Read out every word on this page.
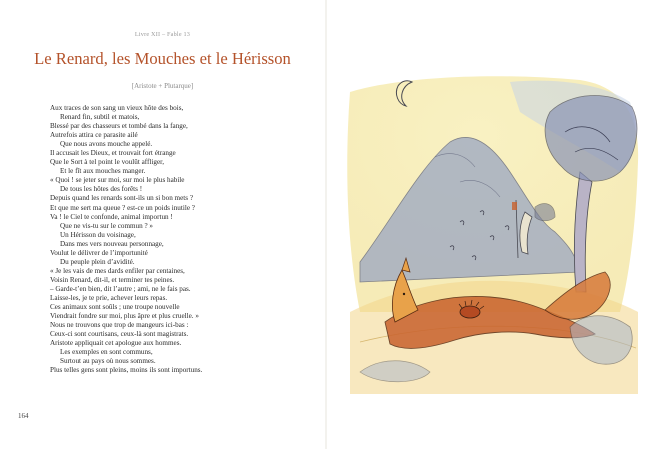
Livre XII – Fable 13
Le Renard, les Mouches et le Hérisson
[Aristote + Plutarque]
Aux traces de son sang un vieux hôte des bois,
Renard fin, subtil et matois,
Blessé par des chasseurs et tombé dans la fange,
Autrefois attira ce parasite ailé
Que nous avons mouche appelé.
Il accusait les Dieux, et trouvait fort étrange
Que le Sort à tel point le voulût affliger,
Et le fît aux mouches manger.
« Quoi ! se jeter sur moi, sur moi le plus habile
De tous les hôtes des forêts !
Depuis quand les renards sont-ils un si bon mets ?
Et que me sert ma queue ? est-ce un poids inutile ?
Va ! le Ciel te confonde, animal importun !
Que ne vis-tu sur le commun ? »
Un Hérisson du voisinage,
Dans mes vers nouveau personnage,
Voulut le délivrer de l’importunité
Du peuple plein d’avidité.
« Je les vais de mes dards enfiler par centaines,
Voisin Renard, dit-il, et terminer tes peines.
– Garde-t’en bien, dit l’autre ; ami, ne le fais pas.
Laisse-les, je te prie, achever leurs repas.
Ces animaux sont soûls ; une troupe nouvelle
Viendrait fondre sur moi, plus âpre et plus cruelle. »
Nous ne trouvons que trop de mangeurs ici-bas :
Ceux-ci sont courtisans, ceux-là sont magistrats.
Aristote appliquait cet apologue aux hommes.
Les exemples en sont communs,
Surtout au pays où nous sommes.
Plus telles gens sont pleins, moins ils sont importuns.
164
